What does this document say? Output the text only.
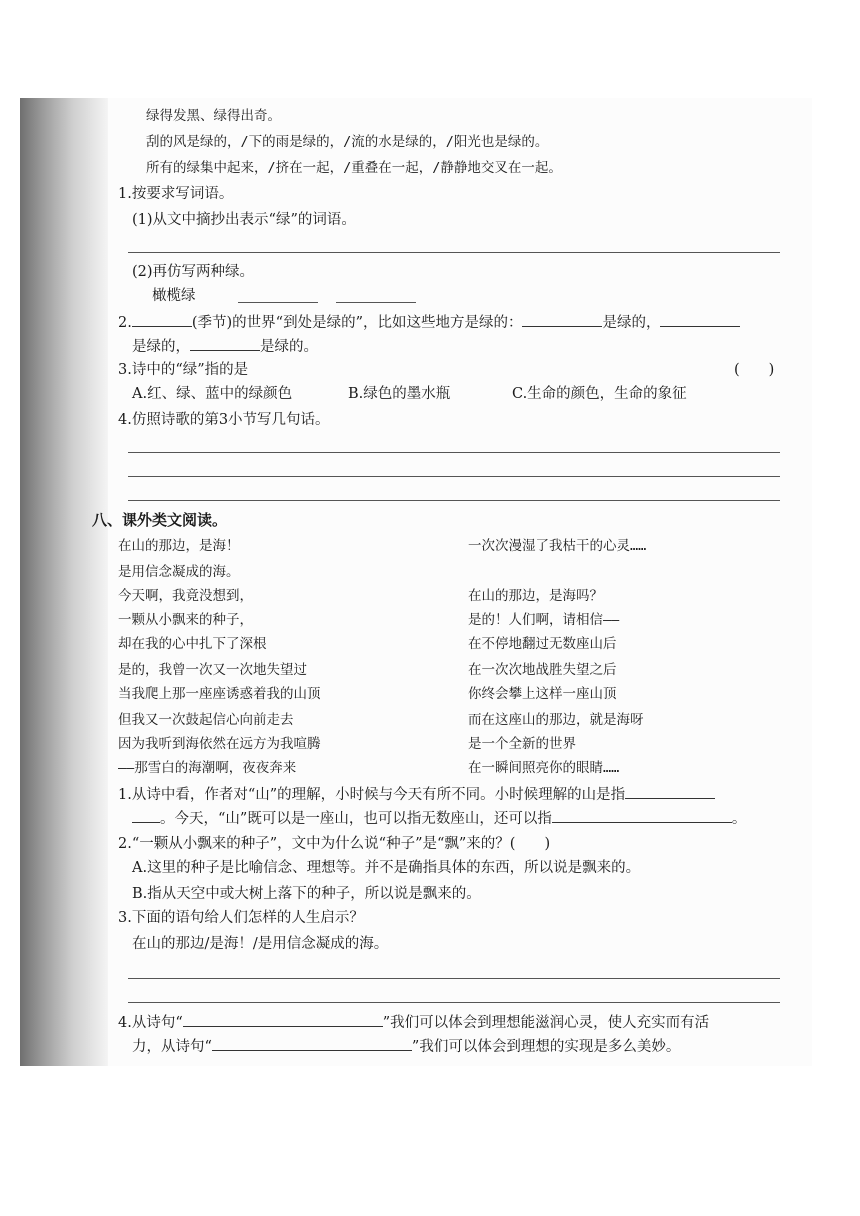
绿得发黑、绿得出奇。
刮的风是绿的，/下的雨是绿的，/流的水是绿的，/阳光也是绿的。
所有的绿集中起来，/挤在一起，/重叠在一起，/静静地交叉在一起。
1.按要求写词语。
(1)从文中摘抄出表示“绿”的词语。
(2)再仿写两种绿。
橄榄绿
2.	(季节)的世界“到处是绿的”，比如这些地方是绿的：	是绿的，
是绿的，	是绿的。
3.诗中的“绿”指的是	(　　)
A.红、绿、蓝中的绿颜色	B.绿色的墨水瓶	C.生命的颜色，生命的象征
4.仿照诗歌的第3小节写几句话。
八、课外类文阅读。
在山的那边，是海！
是用信念凝成的海。
今天啊，我竟没想到，
一颗从小飘来的种子，
却在我的心中扎下了深根
是的，我曾一次又一次地失望过
当我爬上那一座座诱惑着我的山顶
但我又一次鼓起信心向前走去
因为我听到海依然在远方为我喧腾
——那雪白的海潮啊，夜夜奔来
一次次漫湿了我枯干的心灵……
在山的那边，是海吗？
是的！人们啊，请相信——
在不停地翻过无数座山后
在一次次地战胜失望之后
你终会攀上这样一座山顶
而在这座山的那边，就是海呀
是一个全新的世界
在一瞬间照亮你的眼睛……
1.从诗中看，作者对“山”的理解，小时候与今天有所不同。小时候理解的山是指
。今天，“山”既可以是一座山，也可以指无数座山，还可以指	。
2.“一颗从小飘来的种子”，文中为什么说“种子”是“飘”来的？(　　)
A.这里的种子是比喻信念、理想等。并不是确指具体的东西，所以说是飘来的。
B.指从天空中或大树上落下的种子，所以说是飘来的。
3.下面的语句给人们怎样的人生启示？
在山的那边/是海！/是用信念凝成的海。
4.从诗句“	”我们可以体会到理想能滋润心灵，使人充实而有活
力，从诗句“	”我们可以体会到理想的实现是多么美妙。
